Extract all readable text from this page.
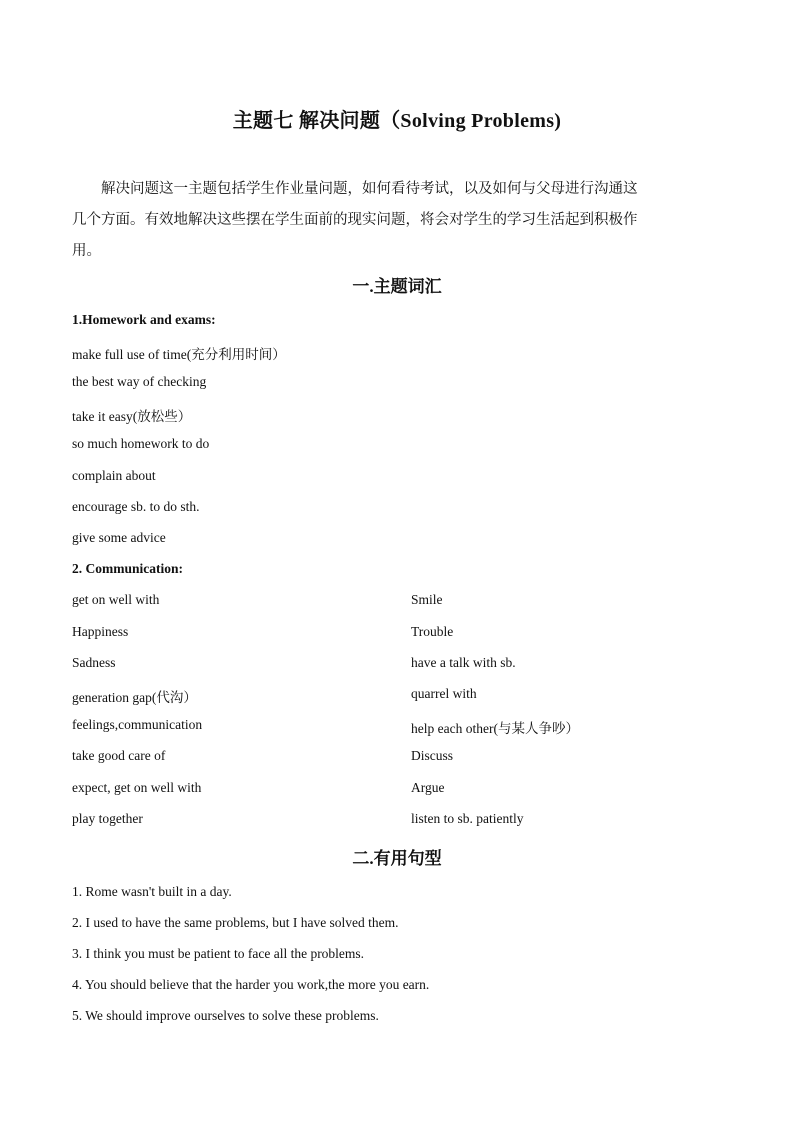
主题七 解决问题（Solving Problems)
解决问题这一主题包括学生作业量问题，如何看待考试，以及如何与父母进行沟通这几个方面。有效地解决这些摆在学生面前的现实问题，将会对学生的学习生活起到积极作用。
一.主题词汇
1.Homework and exams:
make full use of time(充分利用时间）
the best way of checking
take it easy(放松些）
so much homework to do
complain about
encourage sb. to do sth.
give some advice
2. Communication:
get on well with	Smile
Happiness	Trouble
Sadness	have a talk with sb.
generation gap(代沟）	quarrel with
feelings,communication	help each other(与某人争吵）
take good care of	Discuss
expect, get on well with	Argue
play together	listen to sb. patiently
二.有用句型
1. Rome wasn't built in a day.
2. I used to have the same problems, but I have solved them.
3. I think you must be patient to face all the problems.
4. You should believe that the harder you work,the more you earn.
5. We should improve ourselves to solve these problems.
